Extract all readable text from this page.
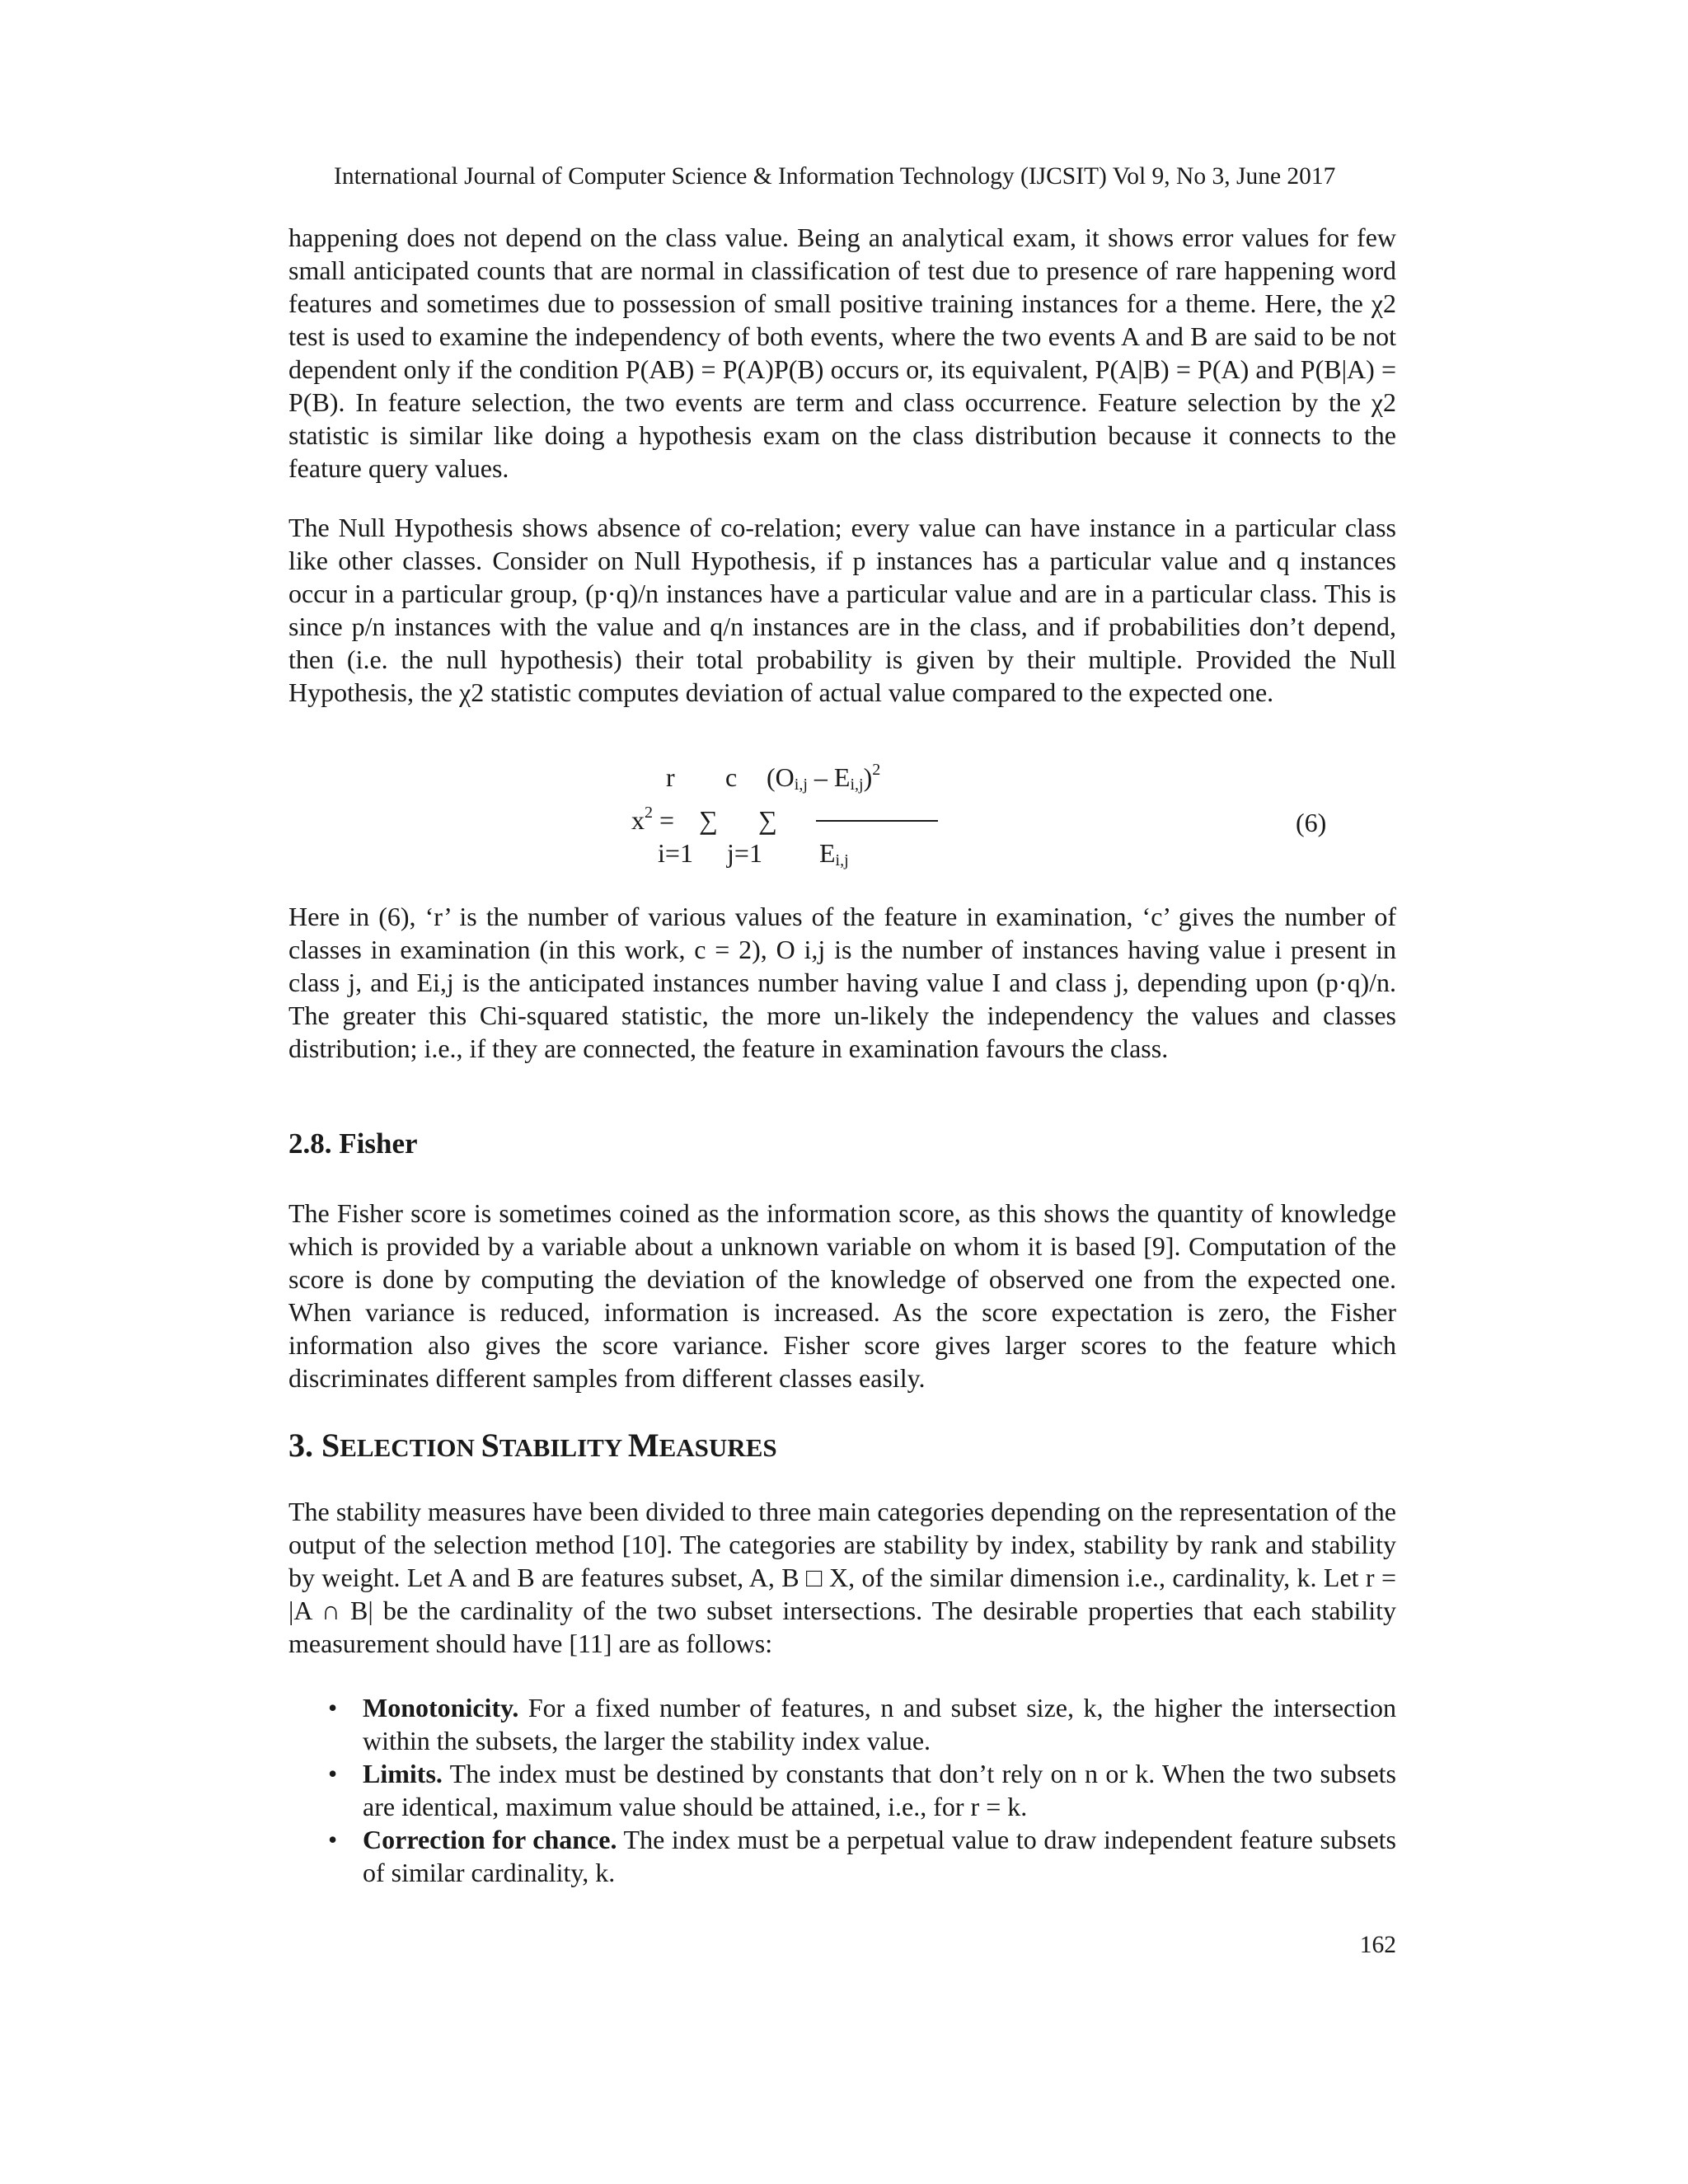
International Journal of Computer Science & Information Technology (IJCSIT) Vol 9, No 3, June 2017
happening does not depend on the class value. Being an analytical exam, it shows error values for few small anticipated counts that are normal in classification of test due to presence of rare happening word features and sometimes due to possession of small positive training instances for a theme. Here, the χ2 test is used to examine the independency of both events, where the two events A and B are said to be not dependent only if the condition P(AB) = P(A)P(B) occurs or, its equivalent, P(A|B) = P(A) and P(B|A) = P(B). In feature selection, the two events are term and class occurrence. Feature selection by the χ2 statistic is similar like doing a hypothesis exam on the class distribution because it connects to the feature query values.
The Null Hypothesis shows absence of co-relation; every value can have instance in a particular class like other classes. Consider on Null Hypothesis, if p instances has a particular value and q instances occur in a particular group, (p·q)/n instances have a particular value and are in a particular class. This is since p/n instances with the value and q/n instances are in the class, and if probabilities don’t depend, then (i.e. the null hypothesis) their total probability is given by their multiple. Provided the Null Hypothesis, the χ2 statistic computes deviation of actual value compared to the expected one.
r c $(O_{i,j} - E_{i,j})^2$
$x^2$ = ∑ ∑	(6)
i=1 j=1 $E_{i,j}$
Here in (6), ‘r’ is the number of various values of the feature in examination, ‘c’ gives the number of classes in examination (in this work, c = 2), O i,j is the number of instances having value i present in class j, and Ei,j is the anticipated instances number having value I and class j, depending upon (p·q)/n. The greater this Chi-squared statistic, the more un-likely the independency the values and classes distribution; i.e., if they are connected, the feature in examination favours the class.
2.8. Fisher
The Fisher score is sometimes coined as the information score, as this shows the quantity of knowledge which is provided by a variable about a unknown variable on whom it is based [9]. Computation of the score is done by computing the deviation of the knowledge of observed one from the expected one. When variance is reduced, information is increased. As the score expectation is zero, the Fisher information also gives the score variance. Fisher score gives larger scores to the feature which discriminates different samples from different classes easily.
3. SELECTION STABILITY MEASURES
The stability measures have been divided to three main categories depending on the representation of the output of the selection method [10]. The categories are stability by index, stability by rank and stability by weight. Let A and B are features subset, A, B □ X, of the similar dimension i.e., cardinality, k. Let r = |A ∩ B| be the cardinality of the two subset intersections. The desirable properties that each stability measurement should have [11] are as follows:
• Monotonicity. For a fixed number of features, n and subset size, k, the higher the intersection within the subsets, the larger the stability index value.
• Limits. The index must be destined by constants that don’t rely on n or k. When the two subsets are identical, maximum value should be attained, i.e., for r = k.
• Correction for chance. The index must be a perpetual value to draw independent feature subsets of similar cardinality, k.
162
